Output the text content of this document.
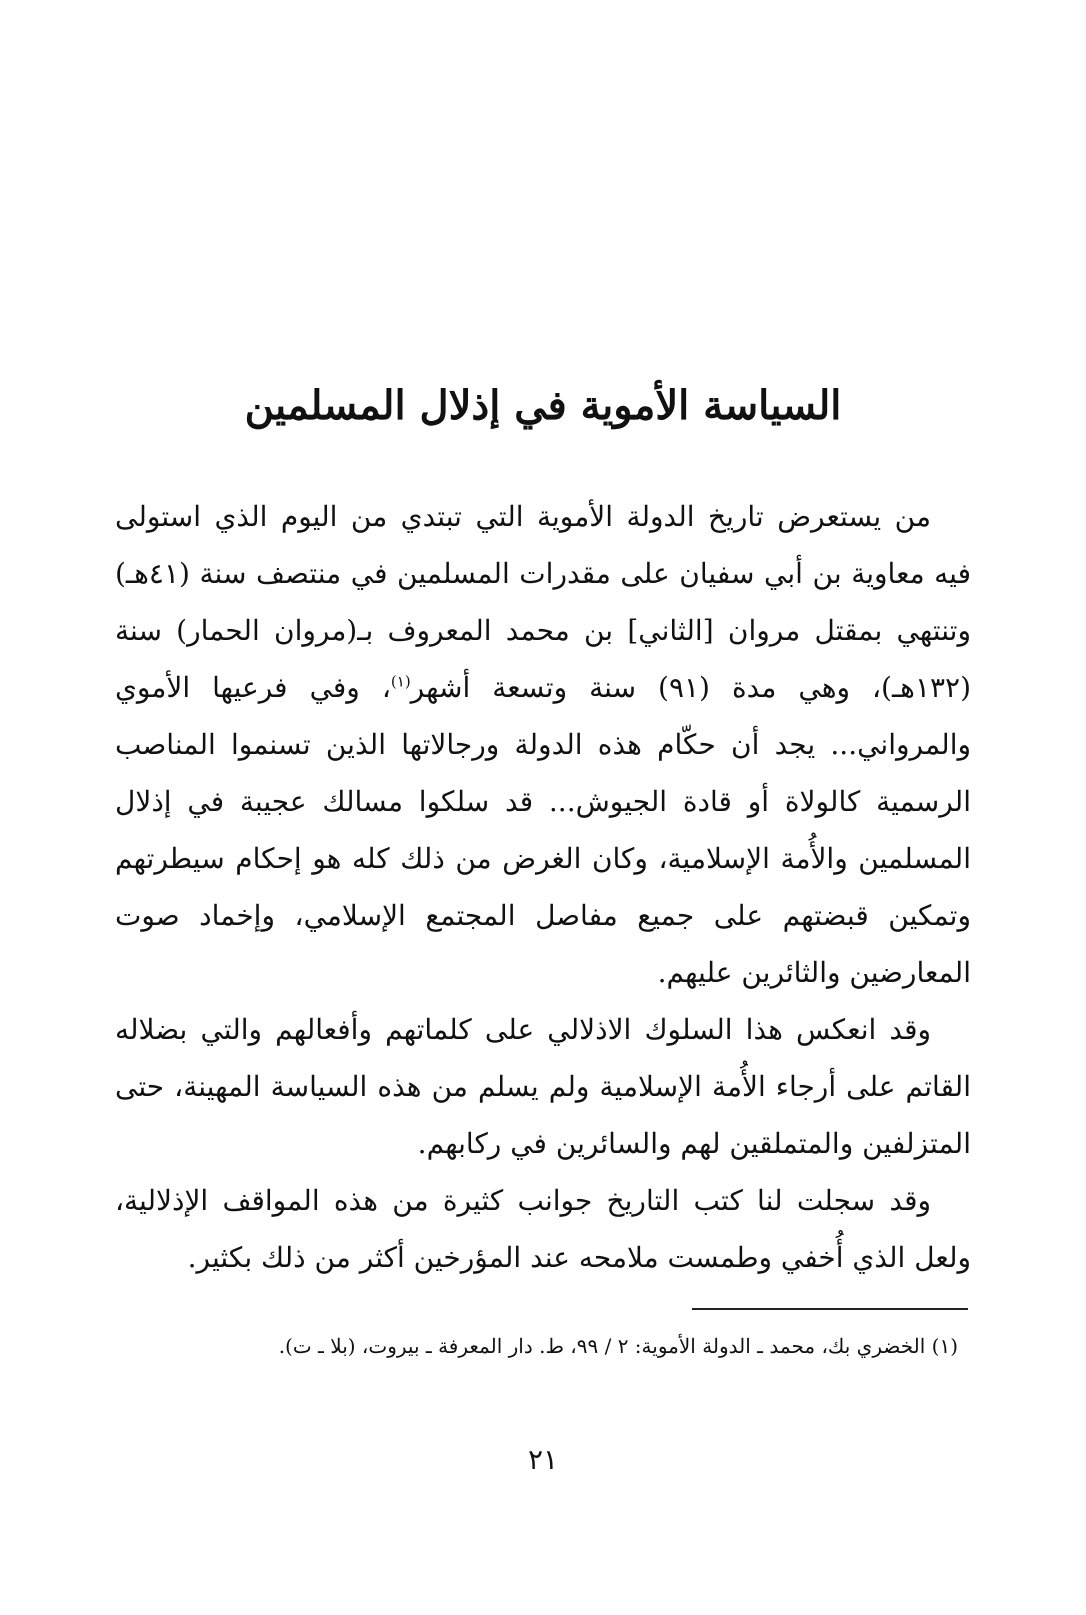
السياسة الأموية في إذلال المسلمين

من يستعرض تاريخ الدولة الأموية التي تبتدي من اليوم الذي استولى فيه معاوية بن أبي سفيان على مقدرات المسلمين في منتصف سنة (٤١هـ) وتنتهي بمقتل مروان [الثاني] بن محمد المعروف بـ(مروان الحمار) سنة (١٣٢هـ)، وهي مدة (٩١) سنة وتسعة أشهر$^{(١)}$، وفي فرعيها الأموي والمرواني... يجد أن حكّام هذه الدولة ورجالاتها الذين تسنموا المناصب الرسمية كالولاة أو قادة الجيوش... قد سلكوا مسالك عجيبة في إذلال المسلمين والأُمة الإسلامية، وكان الغرض من ذلك كله هو إحكام سيطرتهم وتمكين قبضتهم على جميع مفاصل المجتمع الإسلامي، وإخماد صوت المعارضين والثائرين عليهم.

وقد انعكس هذا السلوك الاذلالي على كلماتهم وأفعالهم والتي بضلاله القاتم على أرجاء الأُمة الإسلامية ولم يسلم من هذه السياسة المهينة، حتى المتزلفين والمتملقين لهم والسائرين في ركابهم.

وقد سجلت لنا كتب التاريخ جوانب كثيرة من هذه المواقف الإذلالية، ولعل الذي أُخفي وطمست ملامحه عند المؤرخين أكثر من ذلك بكثير.

(١) الخضري بك، محمد ـ الدولة الأموية: ٢ / ٩٩، ط. دار المعرفة ـ بيروت، (بلا ـ ت).

٢١
